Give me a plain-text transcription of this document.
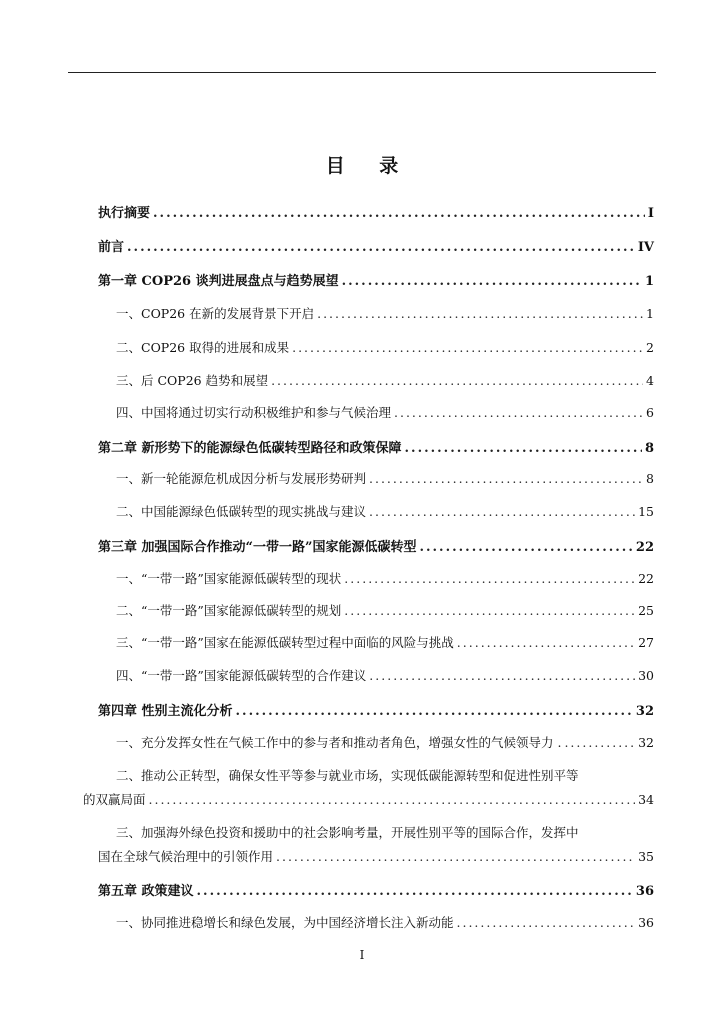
目 录
执行摘要 .....	I
前言 .....	IV
第一章 COP26 谈判进展盘点与趋势展望 .....	1
一、COP26 在新的发展背景下开启 .....	1
二、COP26 取得的进展和成果 .....	2
三、后 COP26 趋势和展望 .....	4
四、中国将通过切实行动积极维护和参与气候治理 .....	6
第二章 新形势下的能源绿色低碳转型路径和政策保障 .....	8
一、新一轮能源危机成因分析与发展形势研判 .....	8
二、中国能源绿色低碳转型的现实挑战与建议 .....	15
第三章 加强国际合作推动“一带一路”国家能源低碳转型 .....	22
一、“一带一路”国家能源低碳转型的现状 .....	22
二、“一带一路”国家能源低碳转型的规划 .....	25
三、“一带一路”国家在能源低碳转型过程中面临的风险与挑战 .....	27
四、“一带一路”国家能源低碳转型的合作建议 .....	30
第四章 性别主流化分析 .....	32
一、充分发挥女性在气候工作中的参与者和推动者角色，增强女性的气候领导力 . .....	32
二、推动公正转型，确保女性平等参与就业市场，实现低碳能源转型和促进性别平等
的双赢局面 .....	34
三、加强海外绿色投资和援助中的社会影响考量，开展性别平等的国际合作，发挥中
国在全球气候治理中的引领作用 .....	35
第五章 政策建议 .....	36
一、协同推进稳增长和绿色发展，为中国经济增长注入新动能 .....	36
I
